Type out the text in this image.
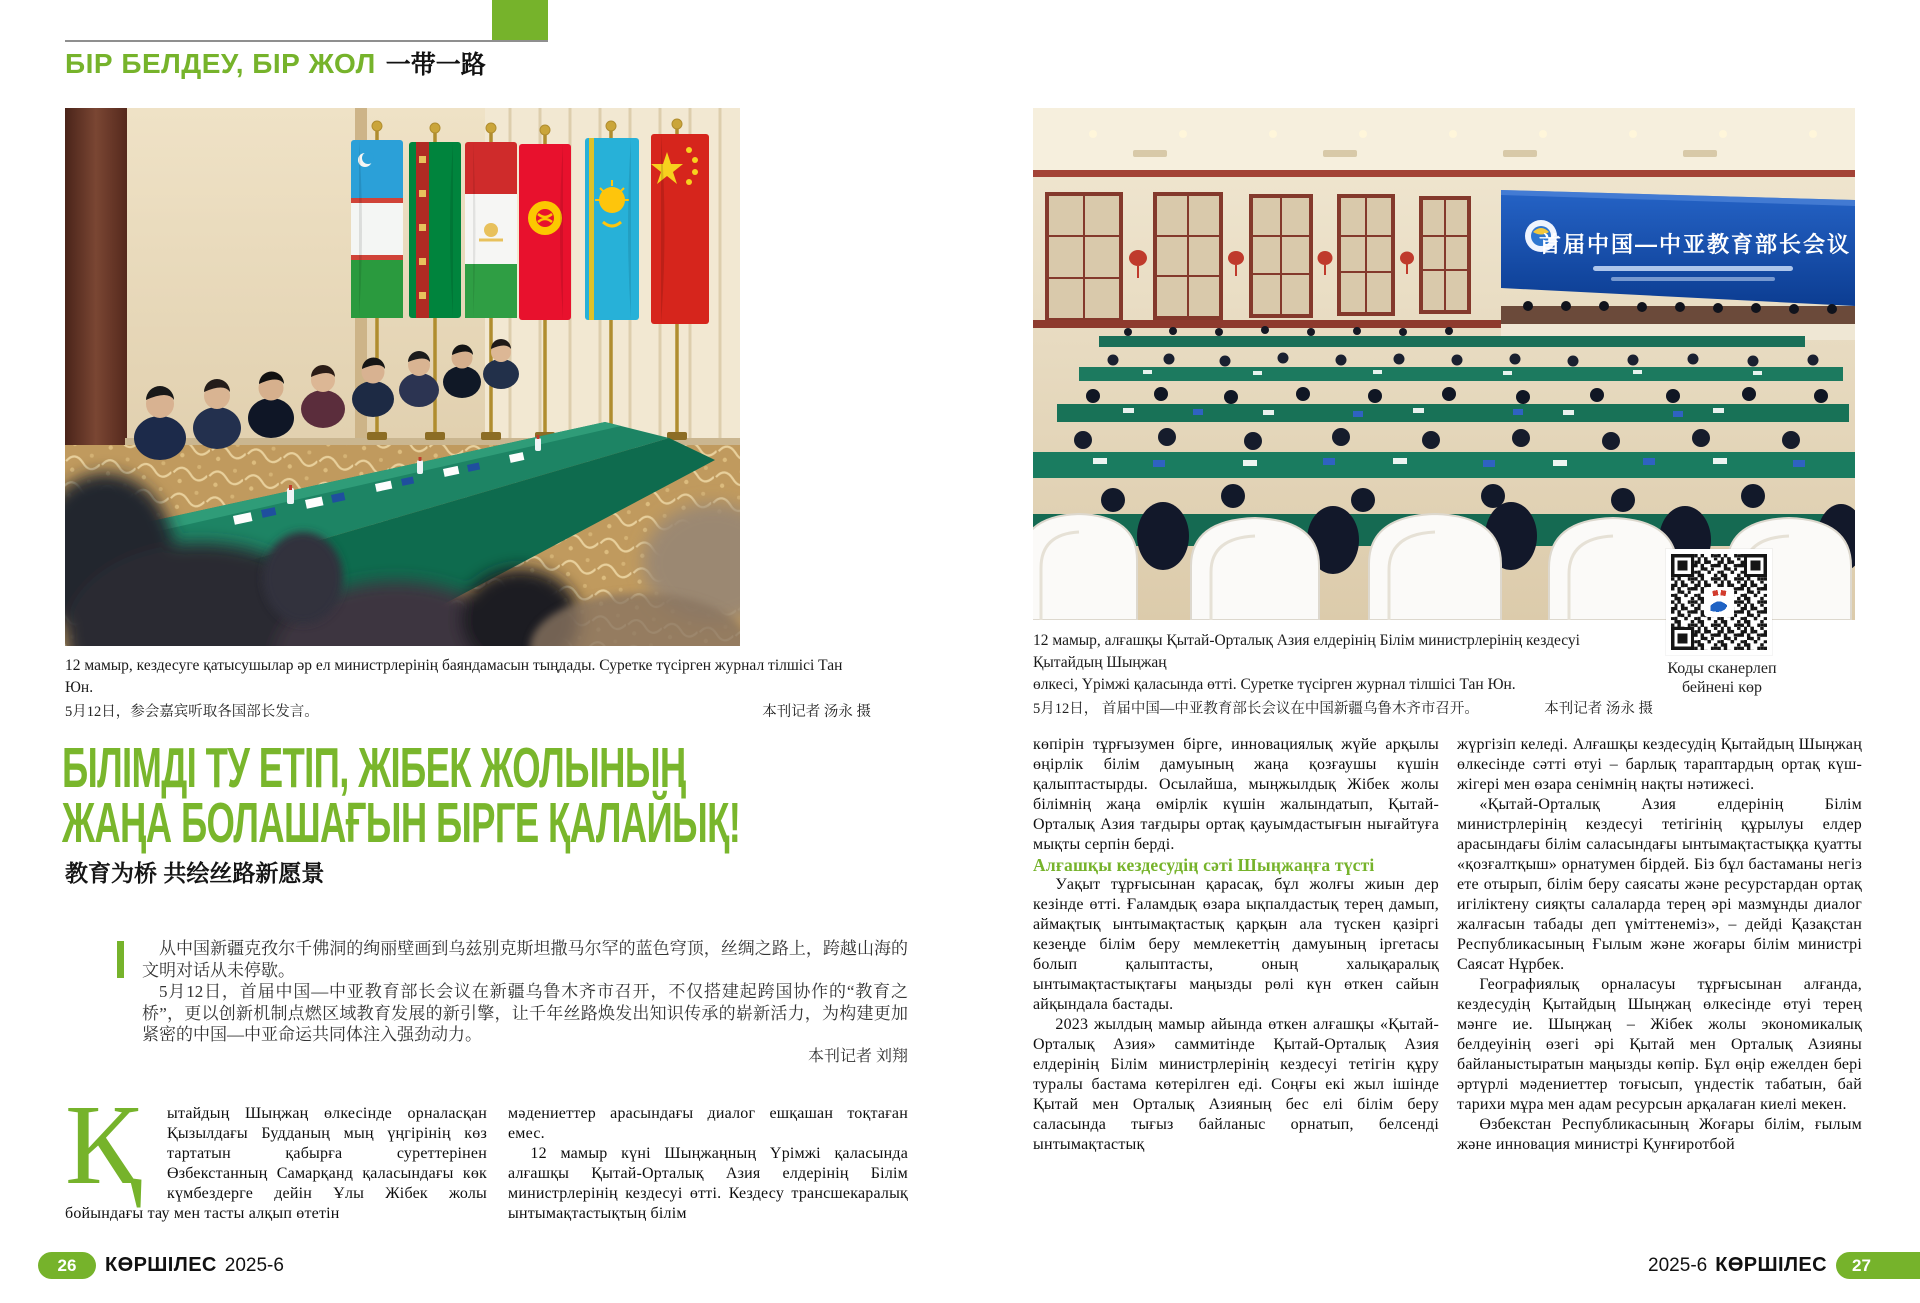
БІР БЕЛДЕУ, БІР ЖОЛ 一带一路
12 мамыр, кездесуге қатысушылар әр ел министрлерінің баяндамасын тыңдады. Суретке түсірген журнал тілшісі Тан Юн.
5月12日，参会嘉宾听取各国部长发言。	本刊记者 汤永 摄
БІЛІМДІ ТУ ЕТІП, ЖІБЕК ЖОЛЫНЫҢ
ЖАҢА БОЛАШАҒЫН БІРГЕ ҚАЛАЙЫҚ!
教育为桥 共绘丝路新愿景

从中国新疆克孜尔千佛洞的绚丽壁画到乌兹别克斯坦撒马尔罕的蓝色穹顶，丝绸之路上，跨越山海的文明对话从未停歇。

5月12日，首届中国—中亚教育部长会议在新疆乌鲁木齐市召开，不仅搭建起跨国协作的“教育之桥”，更以创新机制点燃区域教育发展的新引擎，让千年丝路焕发出知识传承的崭新活力，为构建更加紧密的中国—中亚命运共同体注入强劲动力。

本刊记者 刘翔

Қ	ытайдың Шыңжаң өлкесінде орналасқан Қызылдағы Будданың мың үңгірінің көз тартатын қабырға суреттерінен Өзбекстанның Самарқанд қаласындағы көк күмбездерге дейін Ұлы Жібек жолы бойындағы тау мен тасты алқып өтетін

мәдениеттер арасындағы диалог ешқашан тоқтаған емес.

12 мамыр күні Шыңжаңның Үрімжі қаласында алғашқы Қытай-Орталық Азия елдерінің Білім министрлерінің кездесуі өтті. Кездесу трансшекаралық ынтымақтастықтың білім

26	КӨРШІЛЕС 2025-6
首届中国—中亚教育部长会议
Коды сканерлеп
бейнені көр
12 мамыр, алғашқы Қытай-Орталық Азия елдерінің Білім министрлерінің кездесуі Қытайдың Шыңжаң
өлкесі, Үрімжі қаласында өтті. Суретке түсірген журнал тілшісі Тан Юн.
5月12日， 首届中国—中亚教育部长会议在中国新疆乌鲁木齐市召开。	本刊记者 汤永 摄

көпірін тұрғызумен бірге, инновациялық жүйе арқылы өңірлік білім дамуының жаңа қозғаушы күшін қалыптастырды. Осылайша, мыңжылдық Жібек жолы білімнің жаңа өмірлік күшін жалындатып, Қытай-Орталық Азия тағдыры ортақ қауымдастығын нығайтуға мықты серпін берді.

Алғашқы кездесудің сәті Шыңжаңға түсті

Уақыт тұрғысынан қарасақ, бұл жолғы жиын дер кезінде өтті. Ғаламдық өзара ықпалдастық терең дамып, аймақтық ынтымақтастық қарқын ала түскен қазіргі кезеңде білім беру мемлекеттің дамуының іргетасы болып қалыптасты, оның халықаралық ынтымақтастықтағы маңызды рөлі күн өткен сайын айқындала бастады.

2023 жылдың мамыр айында өткен алғашқы «Қытай-Орталық Азия» саммитінде Қытай-Орталық Азия елдерінің Білім министрлерінің кездесуі тетігін құру туралы бастама көтерілген еді. Соңғы екі жыл ішінде Қытай мен Орталық Азияның бес елі білім беру саласында тығыз байланыс орнатып, белсенді ынтымақтастық

жүргізіп келеді. Алғашқы кездесудің Қытайдың Шыңжаң өлкесінде сәтті өтуі – барлық тараптардың ортақ күш-жігері мен өзара сенімнің нақты нәтижесі.

«Қытай-Орталық Азия елдерінің Білім министрлерінің кездесуі тетігінің құрылуы елдер арасындағы білім саласындағы ынтымақтастыққа қуатты «қозғалтқыш» орнатумен бірдей. Біз бұл бастаманы негіз ете отырып, білім беру саясаты және ресурстардан ортақ игіліктену сияқты салаларда терең әрі мазмұнды диалог жалғасын табады деп үміттенеміз», – дейді Қазақстан Республикасының Ғылым және жоғары білім министрі Саясат Нұрбек.

Географиялық орналасуы тұрғысынан алғанда, кездесудің Қытайдың Шыңжаң өлкесінде өтуі терең мәнге ие. Шыңжаң – Жібек жолы экономикалық белдеуінің өзегі әрі Қытай мен Орталық Азияны байланыстыратын маңызды көпір. Бұл өңір ежелден бері әртүрлі мәдениеттер тоғысып, үндестік табатын, бай тарихи мұра мен адам ресурсын арқалаған киелі мекен.

Өзбекстан Республикасының Жоғары білім, ғылым және инновация министрі Қунғиротбой

2025-6 КӨРШІЛЕС	27
